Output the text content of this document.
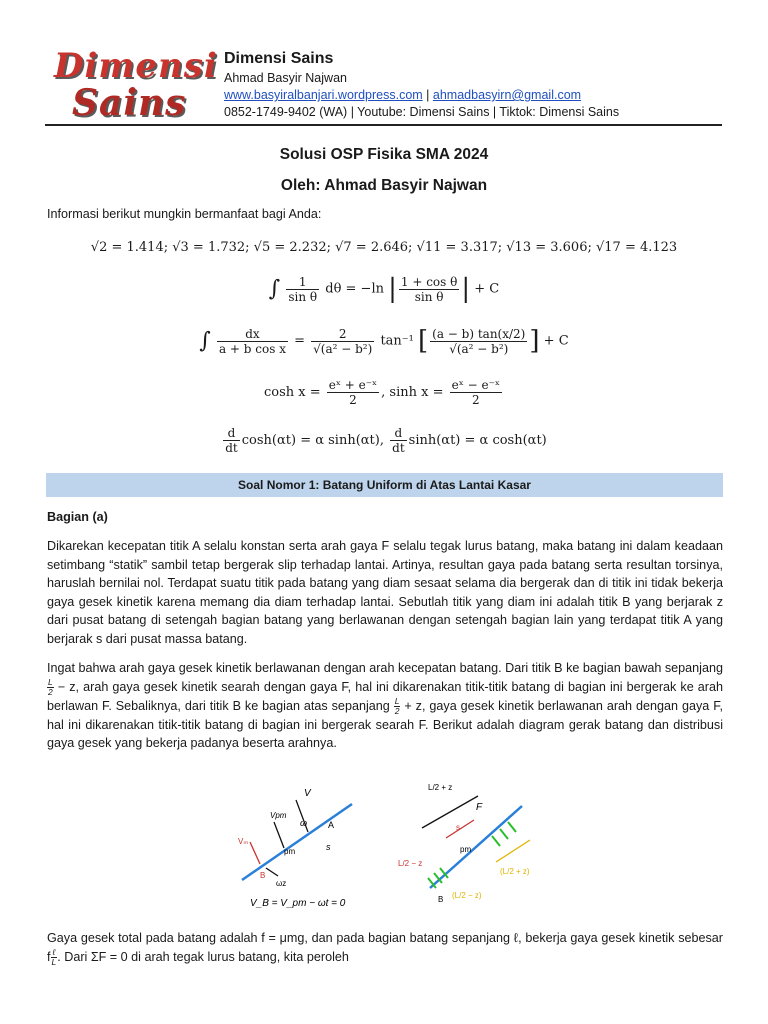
Dimensi
Sains
Dimensi Sains
Ahmad Basyir Najwan
www.basyiralbanjari.wordpress.com | ahmadbasyirn@gmail.com
0852-1749-9402 (WA) | Youtube: Dimensi Sains | Tiktok: Dimensi Sains
Solusi OSP Fisika SMA 2024
Oleh: Ahmad Basyir Najwan
Informasi berikut mungkin bermanfaat bagi Anda:
√2 = 1.414; √3 = 1.732; √5 = 2.232; √7 = 2.646; √11 = 3.317; √13 = 3.606; √17 = 4.123
∫ $\frac{1}{\text{sin θ}}$ dθ = −ln | $\frac{\text{1 + cos θ}}{\text{sin θ}}$ | + C
∫ $\frac{dx}{\text{a + b cos x}} = \frac{2}{\text{√(a² − b²)}} \tan^{-1}$ [ $\frac{(a - b) \tan(x/2)}{\text{√(a² − b²)}}$ ] + C
$\cosh x = \frac{\text{eˣ + e⁻ˣ}}{2}$ , $\sinh x = \frac{\text{eˣ − e⁻ˣ}}{2}$
$\frac{d}{dt} \cosh(\alpha t) = \alpha$ sinh(αt), $\frac{d}{dt} \sinh(\alpha t) = \alpha$ cosh(αt)
Soal Nomor 1: Batang Uniform di Atas Lantai Kasar
Bagian (a)
Dikarekan kecepatan titik A selalu konstan serta arah gaya F selalu tegak lurus batang, maka batang ini dalam keadaan setimbang “statik” sambil tetap bergerak slip terhadap lantai. Artinya, resultan gaya pada batang serta resultan torsinya, haruslah bernilai nol. Terdapat suatu titik pada batang yang diam sesaat selama dia bergerak dan di titik ini tidak bekerja gaya gesek kinetik karena memang dia diam terhadap lantai. Sebutlah titik yang diam ini adalah titik B yang berjarak z dari pusat batang di setengah bagian batang yang berlawanan dengan setengah bagian lain yang terdapat titik A yang berjarak s dari pusat massa batang.
Ingat bahwa arah gaya gesek kinetik berlawanan dengan arah kecepatan batang. Dari titik B ke bagian bawah sepanjang
$\frac{L}{2} - z$, arah gaya gesek kinetik searah dengan gaya F, hal ini dikarenakan titik-titik batang di bagian ini bergerak ke arah berlawan F. Sebaliknya, dari titik B ke bagian atas sepanjang $\frac{L}{2} + z$, gaya gesek kinetik berlawanan arah dengan gaya F, hal ini dikarenakan titik-titik batang di bagian ini bergerak searah F. Berikut adalah diagram gerak batang dan distribusi gaya gesek yang bekerja padanya beserta arahnya.
V
Vpm
ω A
pm	s
Vₘ
B
ωz
V_B = V_pm − ωt = 0
L/2 + z
F
pm
s
L/2 − z
B
(L/2 + z)
(L/2 − z)
Gaya gesek total pada batang adalah f = μmg, dan pada bagian batang sepanjang ℓ, bekerja gaya gesek kinetik sebesar f ℓ
L . Dari ΣF = 0 di arah tegak lurus batang, kita peroleh
